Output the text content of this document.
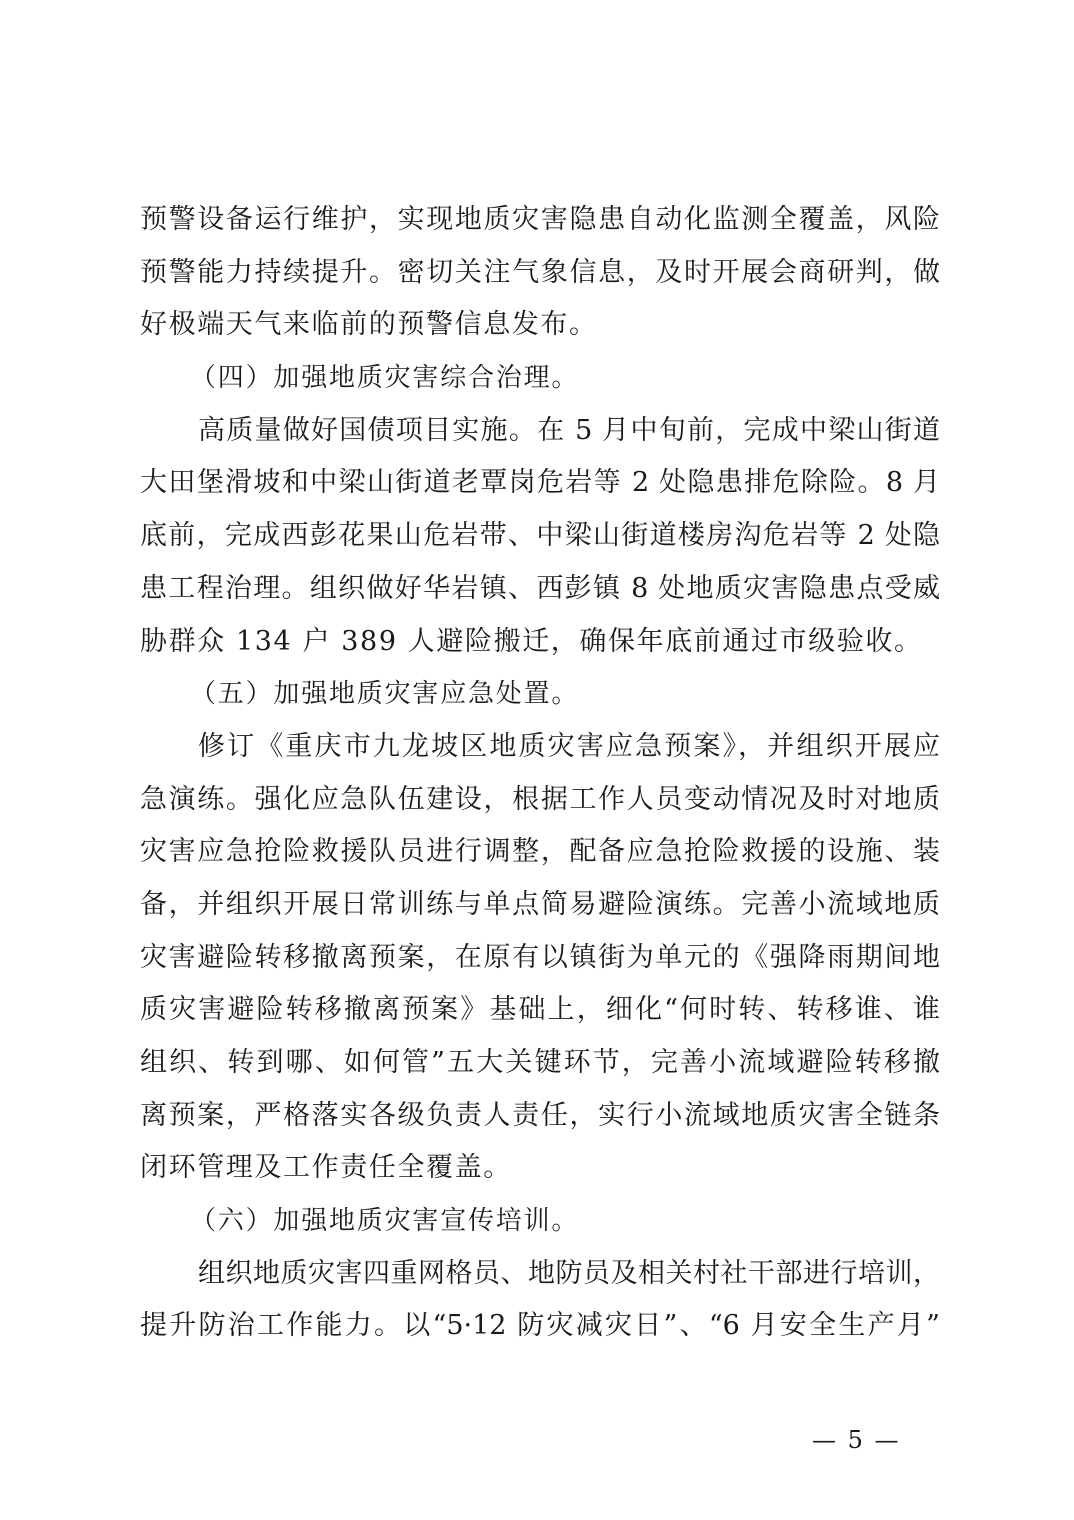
预警设备运行维护，实现地质灾害隐患自动化监测全覆盖，风险
预警能力持续提升。密切关注气象信息，及时开展会商研判，做
好极端天气来临前的预警信息发布。
（四）加强地质灾害综合治理。
高质量做好国债项目实施。在 5 月中旬前，完成中梁山街道
大田堡滑坡和中梁山街道老覃岗危岩等 2 处隐患排危除险。8 月
底前，完成西彭花果山危岩带、中梁山街道楼房沟危岩等 2 处隐
患工程治理。组织做好华岩镇、西彭镇 8 处地质灾害隐患点受威
胁群众 134 户 389 人避险搬迁，确保年底前通过市级验收。
（五）加强地质灾害应急处置。
修订《重庆市九龙坡区地质灾害应急预案》，并组织开展应
急演练。强化应急队伍建设，根据工作人员变动情况及时对地质
灾害应急抢险救援队员进行调整，配备应急抢险救援的设施、装
备，并组织开展日常训练与单点简易避险演练。完善小流域地质
灾害避险转移撤离预案，在原有以镇街为单元的《强降雨期间地
质灾害避险转移撤离预案》基础上，细化“何时转、转移谁、谁
组织、转到哪、如何管”五大关键环节，完善小流域避险转移撤
离预案，严格落实各级负责人责任，实行小流域地质灾害全链条
闭环管理及工作责任全覆盖。
（六）加强地质灾害宣传培训。
组织地质灾害四重网格员、地防员及相关村社干部进行培训，
提升防治工作能力。以“5·12 防灾减灾日”、“6 月安全生产月”
— 5 —
